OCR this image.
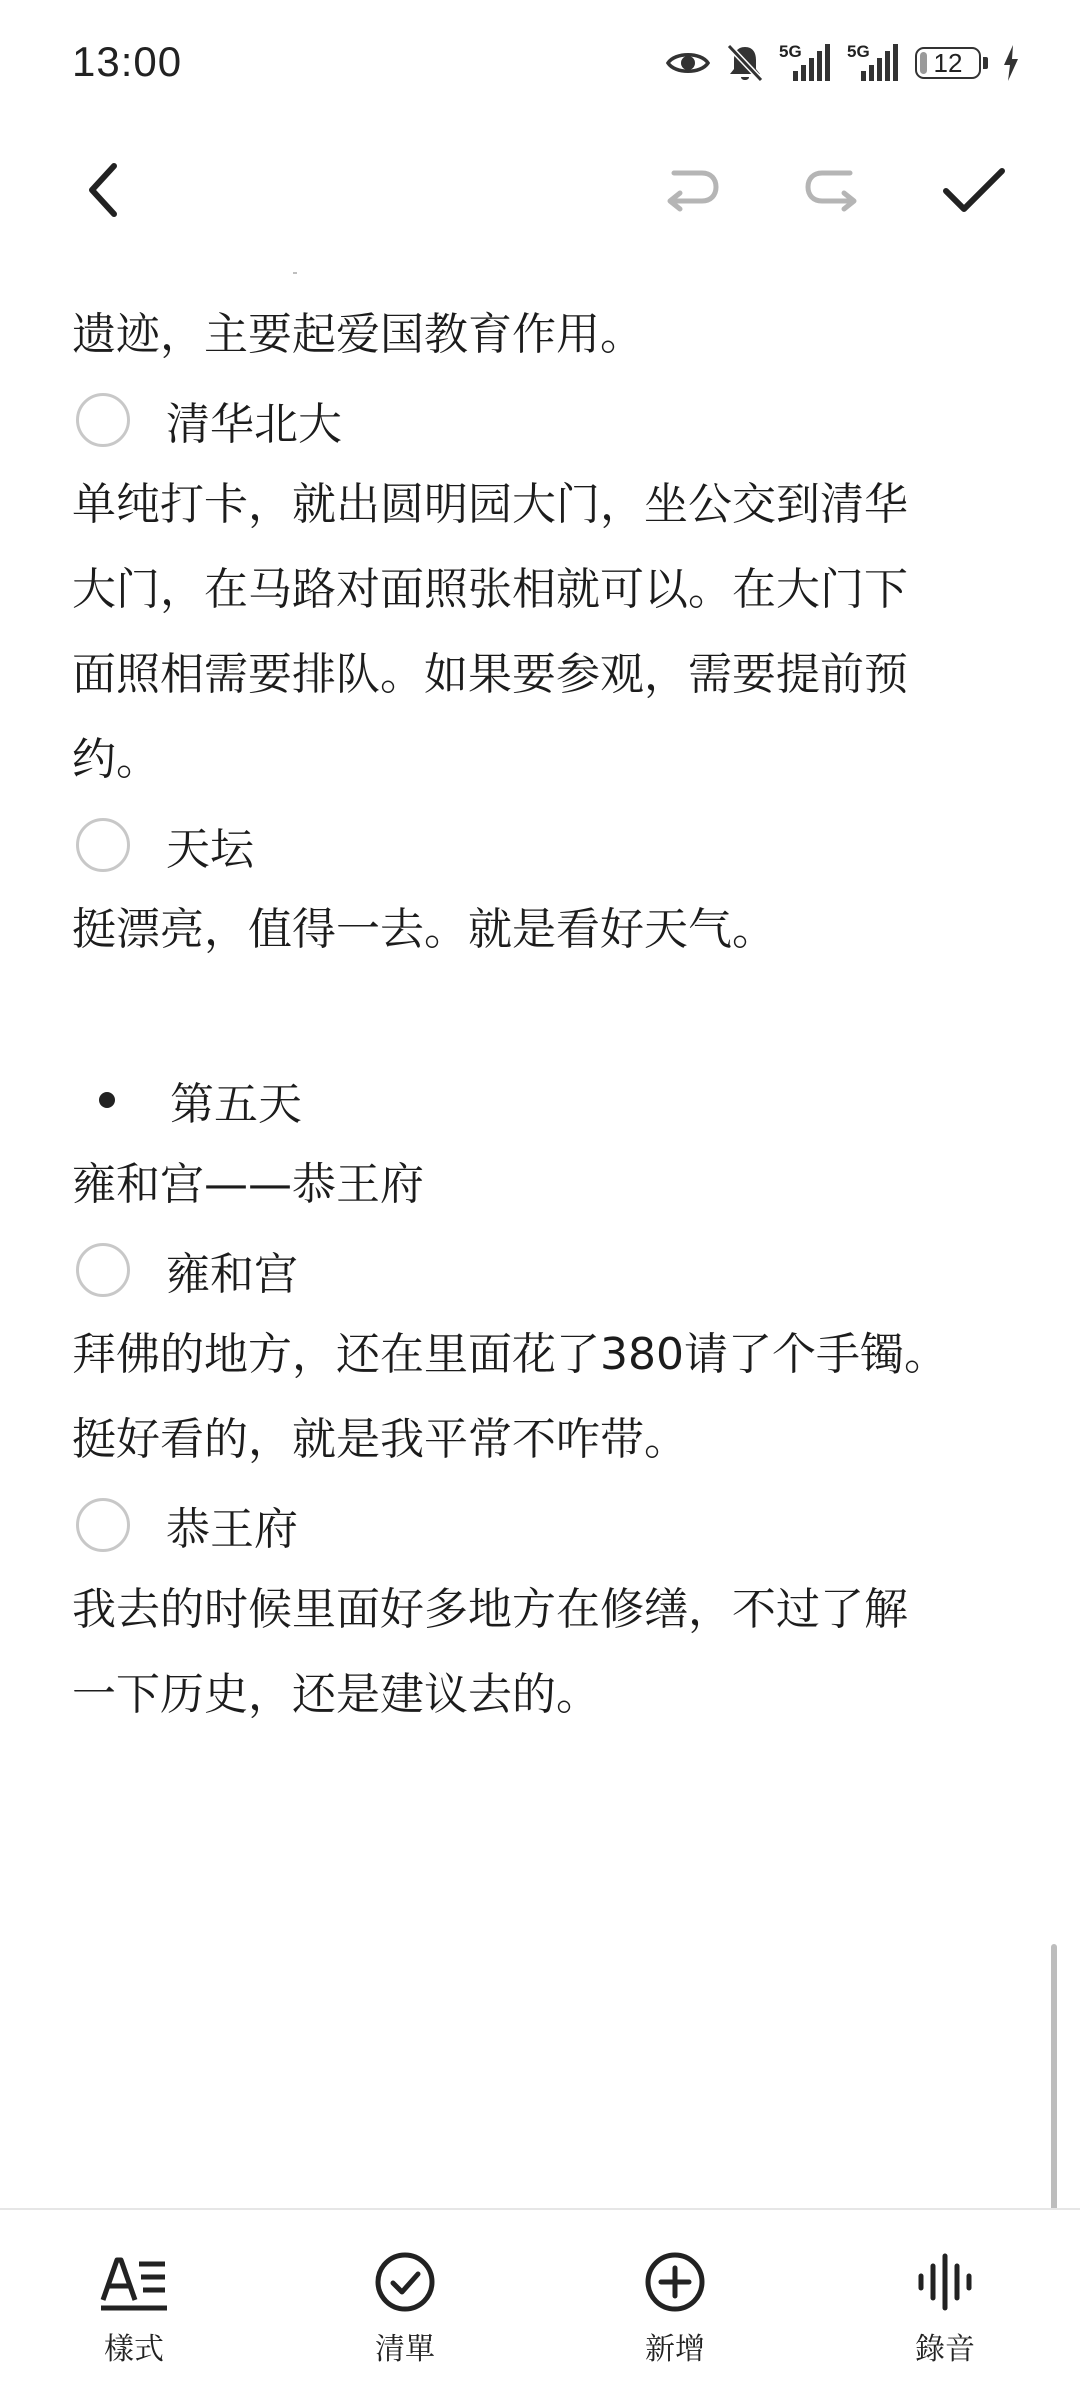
13:00	5G	5G 12
遗迹，主要起爱国教育作用。
清华北大
单纯打卡，就出圆明园大门，坐公交到清华
大门，在马路对面照张相就可以。在大门下
面照相需要排队。如果要参观，需要提前预
约。
天坛
挺漂亮，值得一去。就是看好天气。
第五天
雍和宫——恭王府
雍和宫
拜佛的地方，还在里面花了380请了个手镯。
挺好看的，就是我平常不咋带。
恭王府
我去的时候里面好多地方在修缮，不过了解
一下历史，还是建议去的。
樣式	清單	新增	錄音
